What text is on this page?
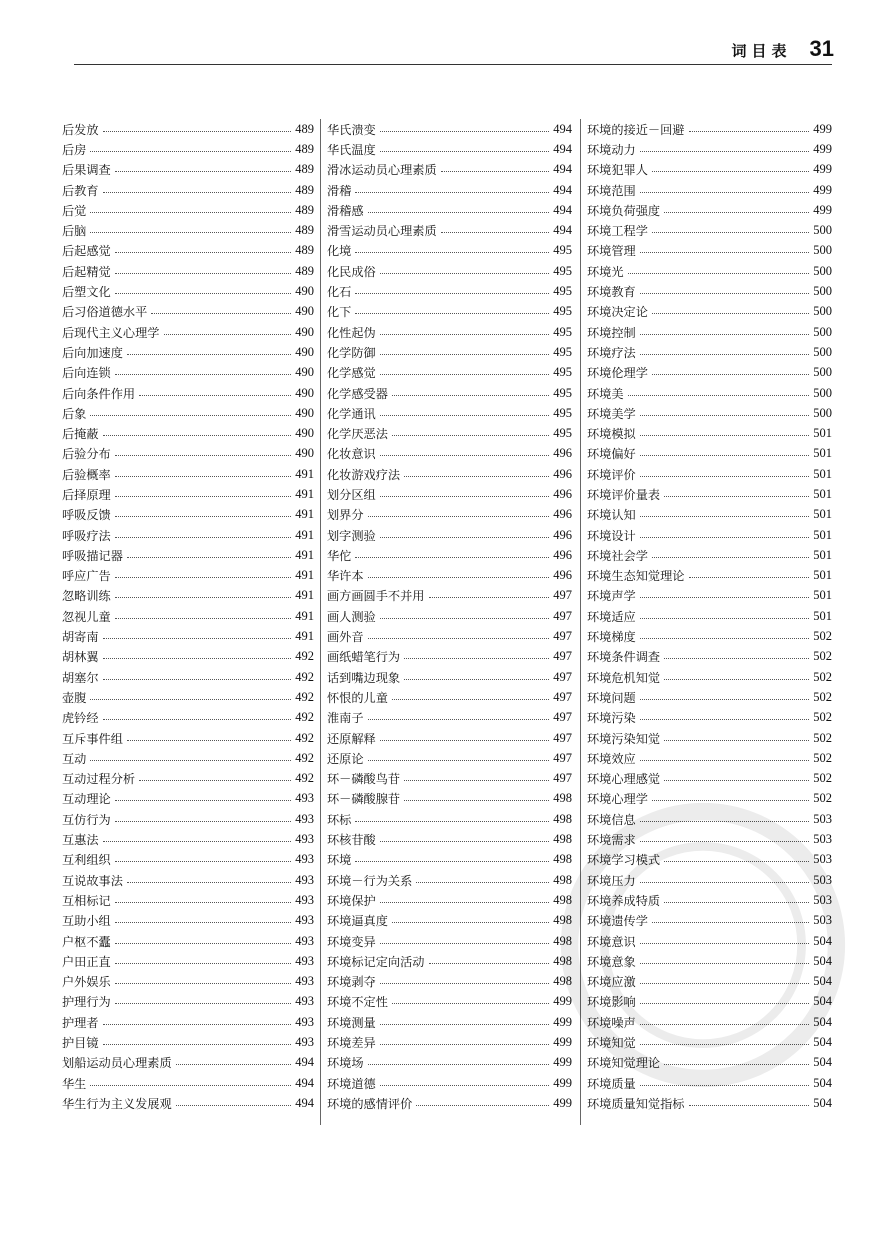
词目表 31
后发放	489
后房	489
后果调查	489
后教育	489
后觉	489
后脑	489
后起感觉	489
后起精觉	489
后塑文化	490
后习俗道德水平	490
后现代主义心理学	490
后向加速度	490
后向连锁	490
后向条件作用	490
后象	490
后掩蔽	490
后验分布	490
后验概率	491
后择原理	491
呼吸反馈	491
呼吸疗法	491
呼吸描记器	491
呼应广告	491
忽略训练	491
忽视儿童	491
胡寄南	491
胡林翼	492
胡塞尔	492
壶腹	492
虎钤经	492
互斥事件组	492
互动	492
互动过程分析	492
互动理论	493
互仿行为	493
互惠法	493
互利组织	493
互说故事法	493
互相标记	493
互助小组	493
户枢不蠹	493
户田正直	493
户外娱乐	493
护理行为	493
护理者	493
护目镜	493
划船运动员心理素质	494
华生	494
华生行为主义发展观	494
华氏溃变	494
华氏温度	494
滑冰运动员心理素质	494
滑稽	494
滑稽感	494
滑雪运动员心理素质	494
化境	495
化民成俗	495
化石	495
化下	495
化性起伪	495
化学防御	495
化学感觉	495
化学感受器	495
化学通讯	495
化学厌恶法	495
化妆意识	496
化妆游戏疗法	496
划分区组	496
划界分	496
划字测验	496
华佗	496
华许本	496
画方画圆手不并用	497
画人测验	497
画外音	497
画纸蜡笔行为	497
话到嘴边现象	497
怀恨的儿童	497
淮南子	497
还原解释	497
还原论	497
环－磷酸鸟苷	497
环－磷酸腺苷	498
环标	498
环核苷酸	498
环境	498
环境－行为关系	498
环境保护	498
环境逼真度	498
环境变异	498
环境标记定向活动	498
环境剥夺	498
环境不定性	499
环境测量	499
环境差异	499
环境场	499
环境道德	499
环境的感情评价	499
环境的接近－回避	499
环境动力	499
环境犯罪人	499
环境范围	499
环境负荷强度	499
环境工程学	500
环境管理	500
环境光	500
环境教育	500
环境决定论	500
环境控制	500
环境疗法	500
环境伦理学	500
环境美	500
环境美学	500
环境模拟	501
环境偏好	501
环境评价	501
环境评价量表	501
环境认知	501
环境设计	501
环境社会学	501
环境生态知觉理论	501
环境声学	501
环境适应	501
环境梯度	502
环境条件调查	502
环境危机知觉	502
环境问题	502
环境污染	502
环境污染知觉	502
环境效应	502
环境心理感觉	502
环境心理学	502
环境信息	503
环境需求	503
环境学习模式	503
环境压力	503
环境养成特质	503
环境遗传学	503
环境意识	504
环境意象	504
环境应激	504
环境影响	504
环境噪声	504
环境知觉	504
环境知觉理论	504
环境质量	504
环境质量知觉指标	504
